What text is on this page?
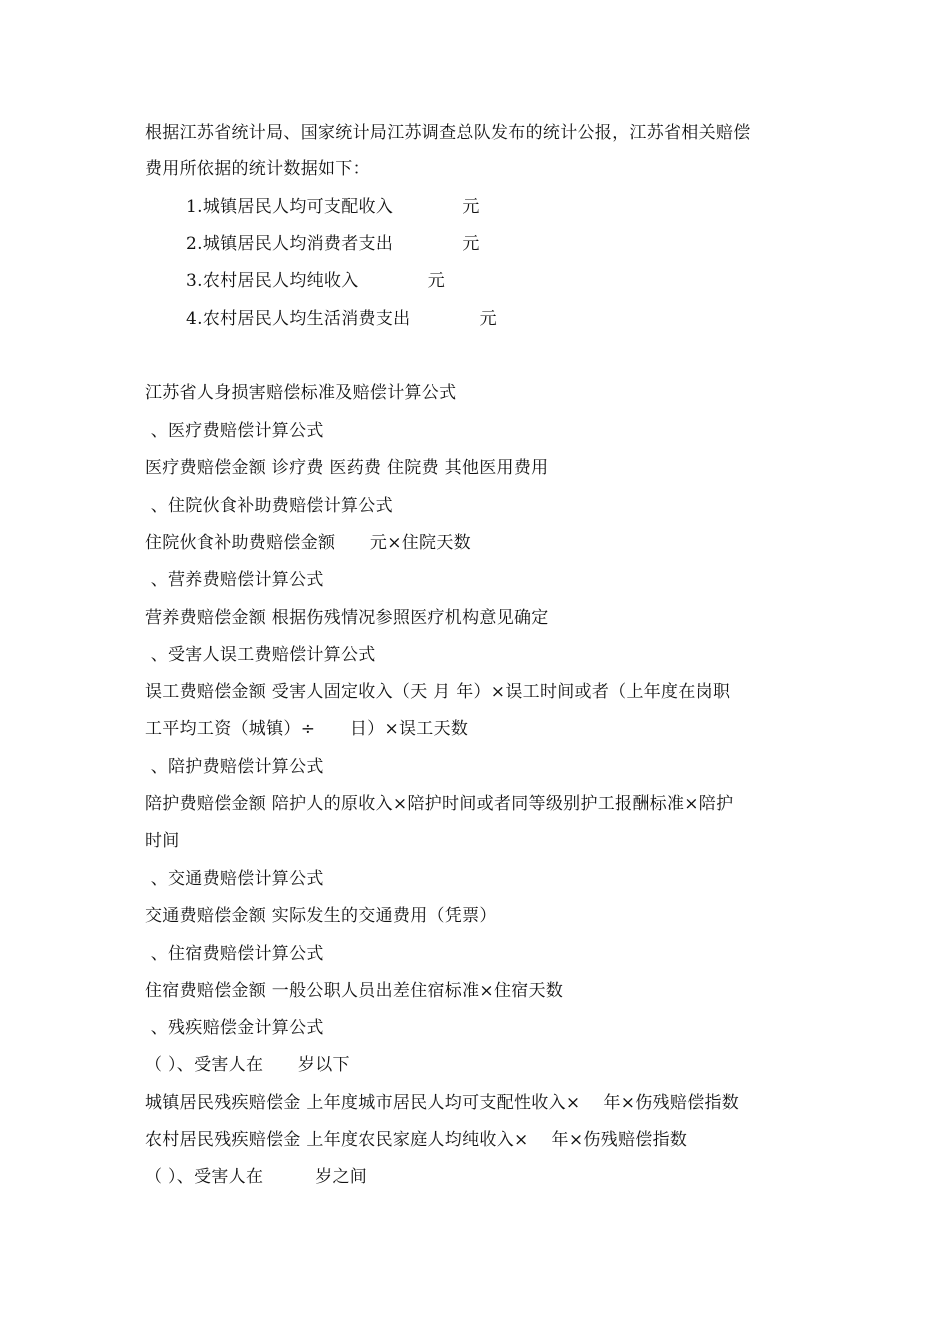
根据江苏省统计局、国家统计局江苏调查总队发布的统计公报，江苏省相关赔偿
费用所依据的统计数据如下：
1.城镇居民人均可支配收入　　　　元
2.城镇居民人均消费者支出　　　　元
3.农村居民人均纯收入　　　　元
4.农村居民人均生活消费支出　　　　元
江苏省人身损害赔偿标准及赔偿计算公式
、医疗费赔偿计算公式
医疗费赔偿金额 诊疗费 医药费 住院费 其他医用费用
、住院伙食补助费赔偿计算公式
住院伙食补助费赔偿金额　　元×住院天数
、营养费赔偿计算公式
营养费赔偿金额 根据伤残情况参照医疗机构意见确定
、受害人误工费赔偿计算公式
误工费赔偿金额 受害人固定收入（天 月 年）×误工时间或者（上年度在岗职
工平均工资（城镇）÷　　日）×误工天数
、陪护费赔偿计算公式
陪护费赔偿金额 陪护人的原收入×陪护时间或者同等级别护工报酬标准×陪护
时间
、交通费赔偿计算公式
交通费赔偿金额 实际发生的交通费用（凭票）
、住宿费赔偿计算公式
住宿费赔偿金额 一般公职人员出差住宿标准×住宿天数
、残疾赔偿金计算公式
（ ）、受害人在　　岁以下
城镇居民残疾赔偿金 上年度城市居民人均可支配性收入×　 年×伤残赔偿指数
农村居民残疾赔偿金 上年度农民家庭人均纯收入×　 年×伤残赔偿指数
（ ）、受害人在　　　岁之间
